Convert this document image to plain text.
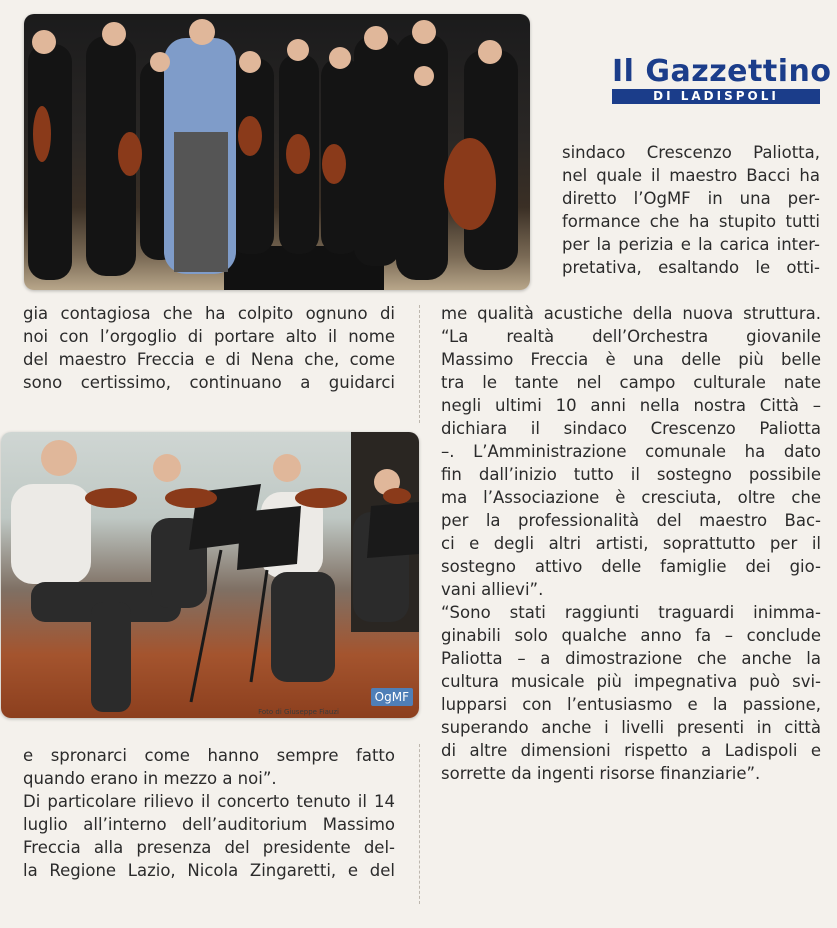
Il Gazzettino
DI LADISPOLI
sindaco Crescenzo Paliotta,
nel quale il maestro Bacci ha
diretto l’OgMF in una per-
formance che ha stupito tutti
per la perizia e la carica inter-
pretativa, esaltando le otti-
gia contagiosa che ha colpito ognuno di
noi con l’orgoglio di portare alto il nome
del maestro Freccia e di Nena che, come
sono certissimo, continuano a guidarci
OgMF
Foto di Giuseppe Fiauzi
e spronarci come hanno sempre fatto
quando erano in mezzo a noi”.
Di particolare rilievo il concerto tenuto il 14
luglio all’interno dell’auditorium Massimo
Freccia alla presenza del presidente del-
la Regione Lazio, Nicola Zingaretti, e del
me qualità acustiche della nuova struttura.
“La realtà dell’Orchestra giovanile
Massimo Freccia è una delle più belle
tra le tante nel campo culturale nate
negli ultimi 10 anni nella nostra Città –
dichiara il sindaco Crescenzo Paliotta
–. L’Amministrazione comunale ha dato
fin dall’inizio tutto il sostegno possibile
ma l’Associazione è cresciuta, oltre che
per la professionalità del maestro Bac-
ci e degli altri artisti, soprattutto per il
sostegno attivo delle famiglie dei gio-
vani allievi”.
“Sono stati raggiunti traguardi inimma-
ginabili solo qualche anno fa – conclude
Paliotta – a dimostrazione che anche la
cultura musicale più impegnativa può svi-
lupparsi con l’entusiasmo e la passione,
superando anche i livelli presenti in città
di altre dimensioni rispetto a Ladispoli e
sorrette da ingenti risorse finanziarie”.
